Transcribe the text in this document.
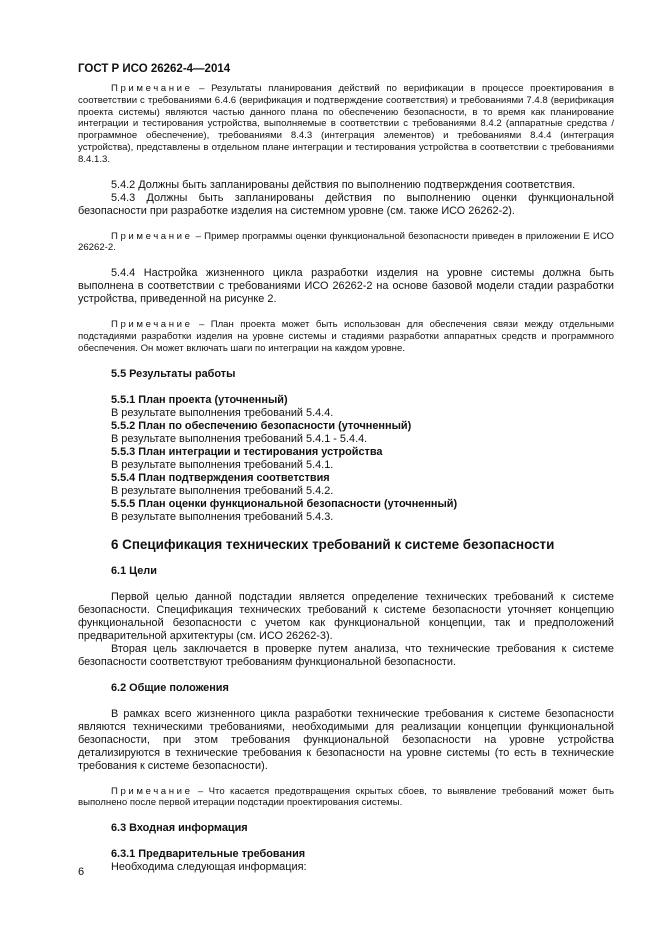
ГОСТ Р ИСО 26262-4—2014

Примечание – Результаты планирования действий по верификации в процессе проектирования в соответствии с требованиями 6.4.6 (верификация и подтверждение соответствия) и требованиями 7.4.8 (верификация проекта системы) являются частью данного плана по обеспечению безопасности, в то время как планирование интеграции и тестирования устройства, выполняемые в соответствии с требованиями 8.4.2 (аппаратные средства / программное обеспечение), требованиями 8.4.3 (интеграция элементов) и требованиями 8.4.4 (интеграция устройства), представлены в отдельном плане интеграции и тестирования устройства в соответствии с требованиями 8.4.1.3.

5.4.2 Должны быть запланированы действия по выполнению подтверждения соответствия.

5.4.3 Должны быть запланированы действия по выполнению оценки функциональной безопасности при разработке изделия на системном уровне (см. также ИСО 26262-2).

Примечание – Пример программы оценки функциональной безопасности приведен в приложении Е ИСО 26262-2.

5.4.4 Настройка жизненного цикла разработки изделия на уровне системы должна быть выполнена в соответствии с требованиями ИСО 26262-2 на основе базовой модели стадии разработки устройства, приведенной на рисунке 2.

Примечание – План проекта может быть использован для обеспечения связи между отдельными подстадиями разработки изделия на уровне системы и стадиями разработки аппаратных средств и программного обеспечения. Он может включать шаги по интеграции на каждом уровне.

5.5 Результаты работы

5.5.1 План проекта (уточненный)

В результате выполнения требований 5.4.4.

5.5.2 План по обеспечению безопасности (уточненный)

В результате выполнения требований 5.4.1 - 5.4.4.

5.5.3 План интеграции и тестирования устройства

В результате выполнения требований 5.4.1.

5.5.4 План подтверждения соответствия

В результате выполнения требований 5.4.2.

5.5.5 План оценки функциональной безопасности (уточненный)

В результате выполнения требований 5.4.3.

6 Спецификация технических требований к системе безопасности

6.1 Цели

Первой целью данной подстадии является определение технических требований к системе безопасности. Спецификация технических требований к системе безопасности уточняет концепцию функциональной безопасности с учетом как функциональной концепции, так и предположений предварительной архитектуры (см. ИСО 26262-3).

Вторая цель заключается в проверке путем анализа, что технические требования к системе безопасности соответствуют требованиям функциональной безопасности.

6.2 Общие положения

В рамках всего жизненного цикла разработки технические требования к системе безопасности являются техническими требованиями, необходимыми для реализации концепции функциональной безопасности, при этом требования функциональной безопасности на уровне устройства детализируются в технические требования к безопасности на уровне системы (то есть в технические требования к системе безопасности).

Примечание – Что касается предотвращения скрытых сбоев, то выявление требований может быть выполнено после первой итерации подстадии проектирования системы.

6.3 Входная информация

6.3.1 Предварительные требования

Необходима следующая информация:

6
